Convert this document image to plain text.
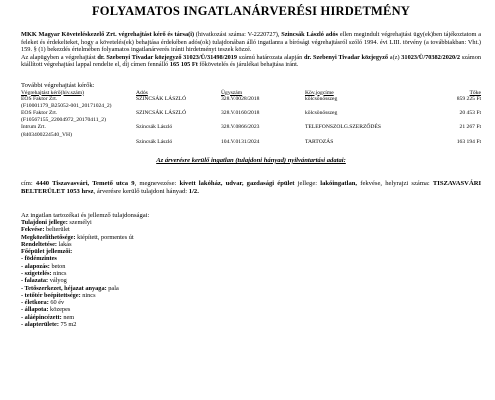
FOLYAMATOS INGATLANÁRVERÉSI HIRDETMÉNY
MKK Magyar Követeléskezelő Zrt. végrehajtást kérő és társa(i) (hivatkozási száma: V-2220727), Szincsák László adós ellen megindult végrehajtási ügy(ek)ben tájékoztatom a feleket és érdekelteket, hogy a követelés(ek) behajtása érdekében adós(ok) tulajdonában álló ingatlanra a bírósági végrehajtásról szóló 1994. évi LIII. törvény (a továbbiakban: Vht.) 159. § (1) bekezdés értelmében folyamatos ingatlanárverés iránti hirdetményt teszek közzé.
Az alapügyben a végrehajtást dr. Szebenyi Tivadar közjegyző 31023/Ü/31498/2019 számú határozata alapján dr. Szebenyi Tivadar közjegyző a(z) 31023/Ü/70382/2020/2 számon kiállított végrehajtási lappal rendelte el, díj címen fennálló 165 105 Ft főkövetelés és járulékai behajtása iránt.
További végrehajtást kérők:
Végrehajtást kérő(hiv.szám)	Adós	Ügyszám	Köv.jogcíme	Tőke

EOS Faktor Zrt.
(F10001179_B25052-001_20171024_2)	SZINCSÁK LÁSZLÓ	328.V.0028/2018	kölcsönösszeg	859 225 Ft

EOS Faktor Zrt.
(F10567155_22004972_20170411_2)	SZINCSÁK LÁSZLÓ	328.V.0160/2018	kölcsönösszeg	20 453 Ft

Intrum Zrt.
(8403400224540_VH)	Szincsák László	328.V.0866/2023	TELEFONSZOLG.SZERZŐDÉS	21 267 Ft

	Szincsák László	104.V.0131/2024	TARTOZÁS	163 194 Ft
Az árverésre kerülő ingatlan (tulajdoni hányad) nyilvántartási adatai:
cím: 4440 Tiszavasvári, Temető utca 9, megnevezése: kivett lakóház, udvar, gazdasági épület jellege: lakóingatlan, fekvése, helyrajzi száma: TISZAVASVÁRI BELTERÜLET 1053 hrsz, árverésre kerülő tulajdoni hányad: 1/2.
Az ingatlan tartozékai és jellemző tulajdonságai:
Tulajdoni jellege: személyi
Fekvése: belterület
Megközelíthetősége: kiépített, pormentes út
Rendeltetése: lakás
Főépület jellemzői:
- födémzintes
- alapozás: beton
- szigetelés: nincs
- falazata: vályog
- Tetőszerkezet, héjazat anyaga: pala
- tetőtér beépítettsége: nincs
- életkora: 60 év
- állapota: közepes
- aláépincézett: nem
- alapterülete: 75 m2
